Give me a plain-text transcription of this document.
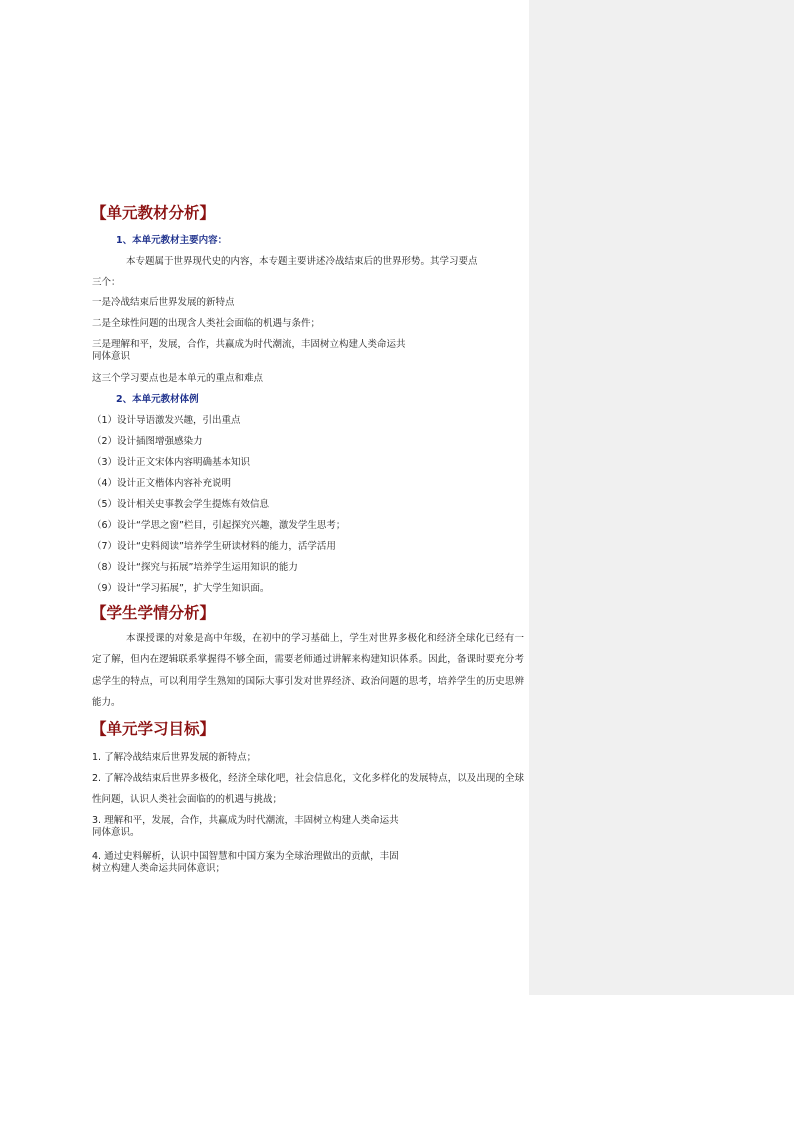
【单元教材分析】
1、本单元教材主要内容：
本专题属于世界现代史的内容，本专题主要讲述冷战结束后的世界形势。其学习要点
三个：
一是冷战结束后世界发展的新特点
二是全球性问题的出现含人类社会面临的机遇与条件；
三是理解和平，发展，合作，共赢成为时代潮流，丰固树立构建人类命运共
同体意识
这三个学习要点也是本单元的重点和难点
2、本单元教材体例
（1）设计导语激发兴趣，引出重点
（2）设计插图增强感染力
（3）设计正文宋体内容明确基本知识
（4）设计正文楷体内容补充说明
（5）设计相关史事教会学生提炼有效信息
（6）设计“学思之窗”栏目，引起探究兴趣，激发学生思考；
（7）设计“史料阅读”培养学生研读材料的能力，活学活用
（8）设计“探究与拓展”培养学生运用知识的能力
（9）设计“学习拓展”，扩大学生知识面。
【学生学情分析】
本课授课的对象是高中年级，在初中的学习基础上，学生对世界多极化和经济全球化已经有一定了解，但内在逻辑联系掌握得不够全面，需要老师通过讲解来构建知识体系。因此，备课时要充分考虑学生的特点，可以利用学生熟知的国际大事引发对世界经济、政治问题的思考，培养学生的历史思辨能力。
【单元学习目标】
1. 了解冷战结束后世界发展的新特点；
2. 了解冷战结束后世界多极化，经济全球化吧，社会信息化，文化多样化的发展特点，以及出现的全球性问题，认识人类社会面临的的机遇与挑战；
3. 理解和平，发展，合作，共赢成为时代潮流，丰固树立构建人类命运共
同体意识。
4. 通过史料解析，认识中国智慧和中国方案为全球治理做出的贡献，丰固
树立构建人类命运共同体意识；
